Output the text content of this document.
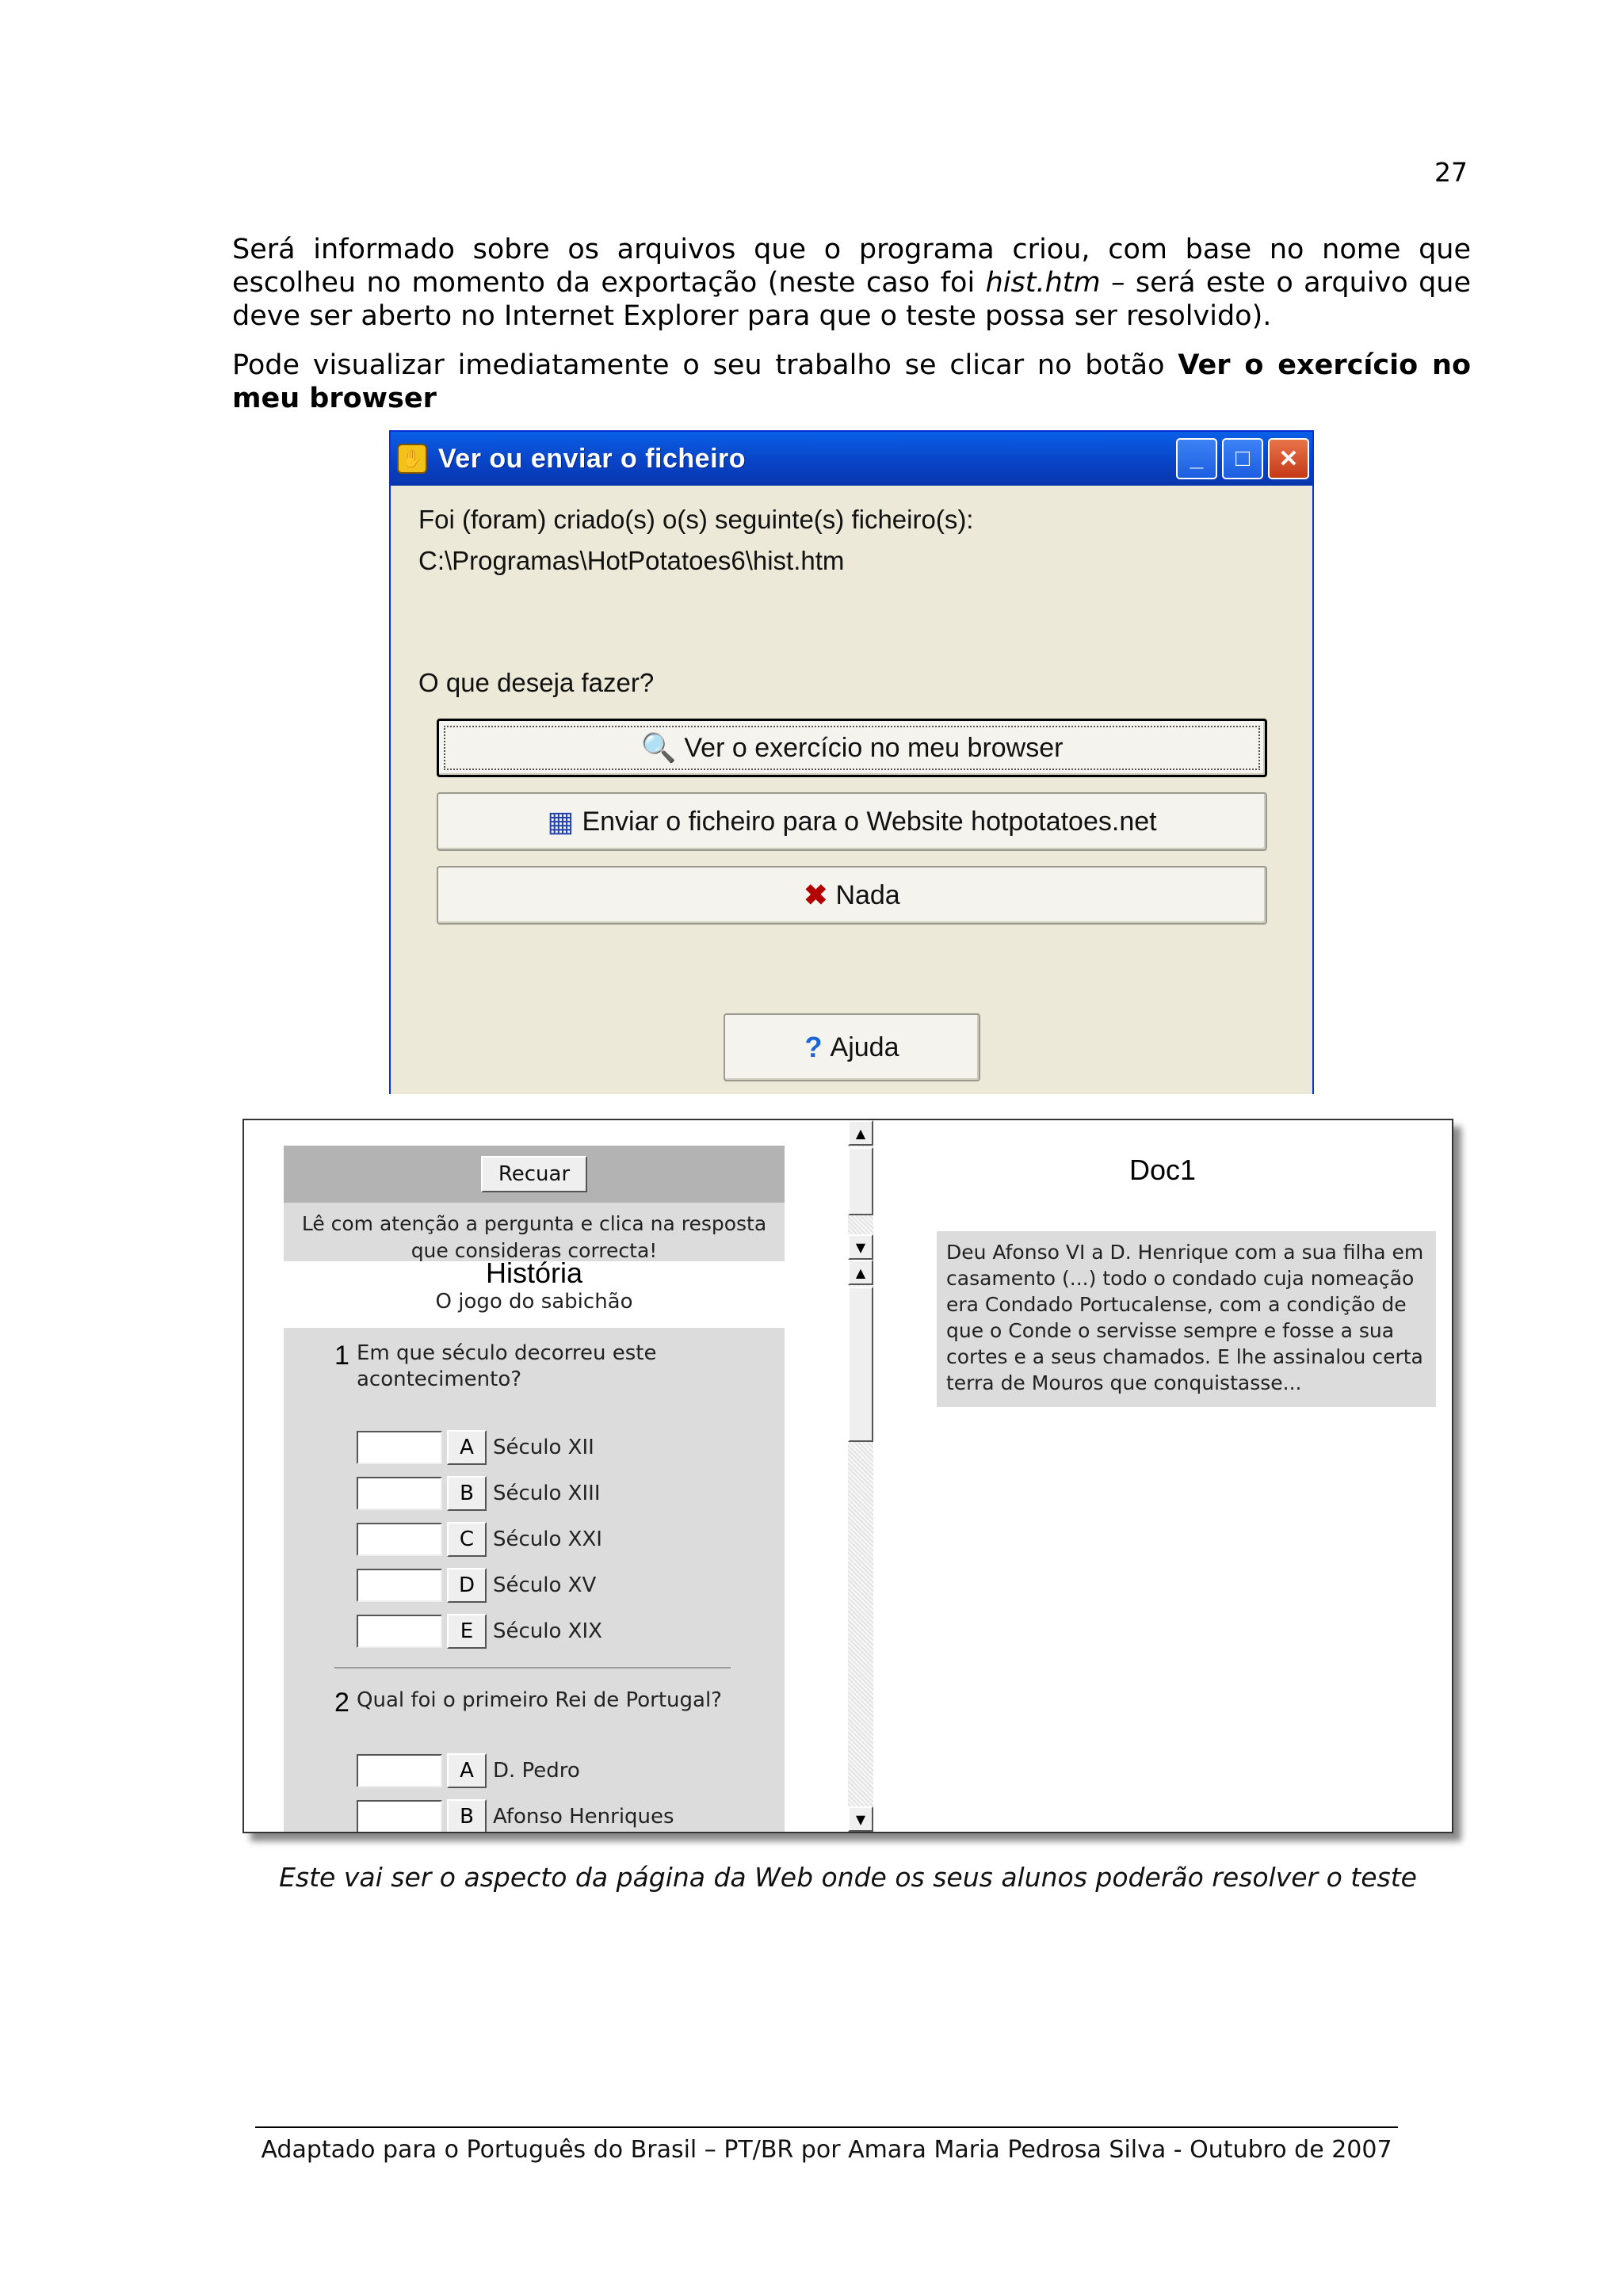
27

Será informado sobre os arquivos que o programa criou, com base no nome que escolheu no momento da exportação (neste caso foi hist.htm – será este o arquivo que deve ser aberto no Internet Explorer para que o teste possa ser resolvido).

Pode visualizar imediatamente o seu trabalho se clicar no botão Ver o exercício no meu browser

✋ Ver ou enviar o ficheiro	_	□	✕
Foi (foram) criado(s) o(s) seguinte(s) ficheiro(s):
C:\Programas\HotPotatoes6\hist.htm
O que deseja fazer?
🔍 Ver o exercício no meu browser
▦ Enviar o ficheiro para o Website hotpotatoes.net
✖ Nada
? Ajuda
Recuar
Lê com atenção a pergunta e clica na resposta que consideras correcta!
História
O jogo do sabichão
1 Em que século decorreu este acontecimento?
A Século XII
B Século XIII
C Século XXI
D Século XV
E Século XIX
2 Qual foi o primeiro Rei de Portugal?
A D. Pedro
B Afonso Henriques
▲
▼
▲
▼
Doc1
Deu Afonso VI a D. Henrique com a sua filha em casamento (...) todo o condado cuja nomeação era Condado Portucalense, com a condição de que o Conde o servisse sempre e fosse a sua cortes e a seus chamados. E lhe assinalou certa terra de Mouros que conquistasse...
Este vai ser o aspecto da página da Web onde os seus alunos poderão resolver o teste
Adaptado para o Português do Brasil – PT/BR por Amara Maria Pedrosa Silva - Outubro de 2007
